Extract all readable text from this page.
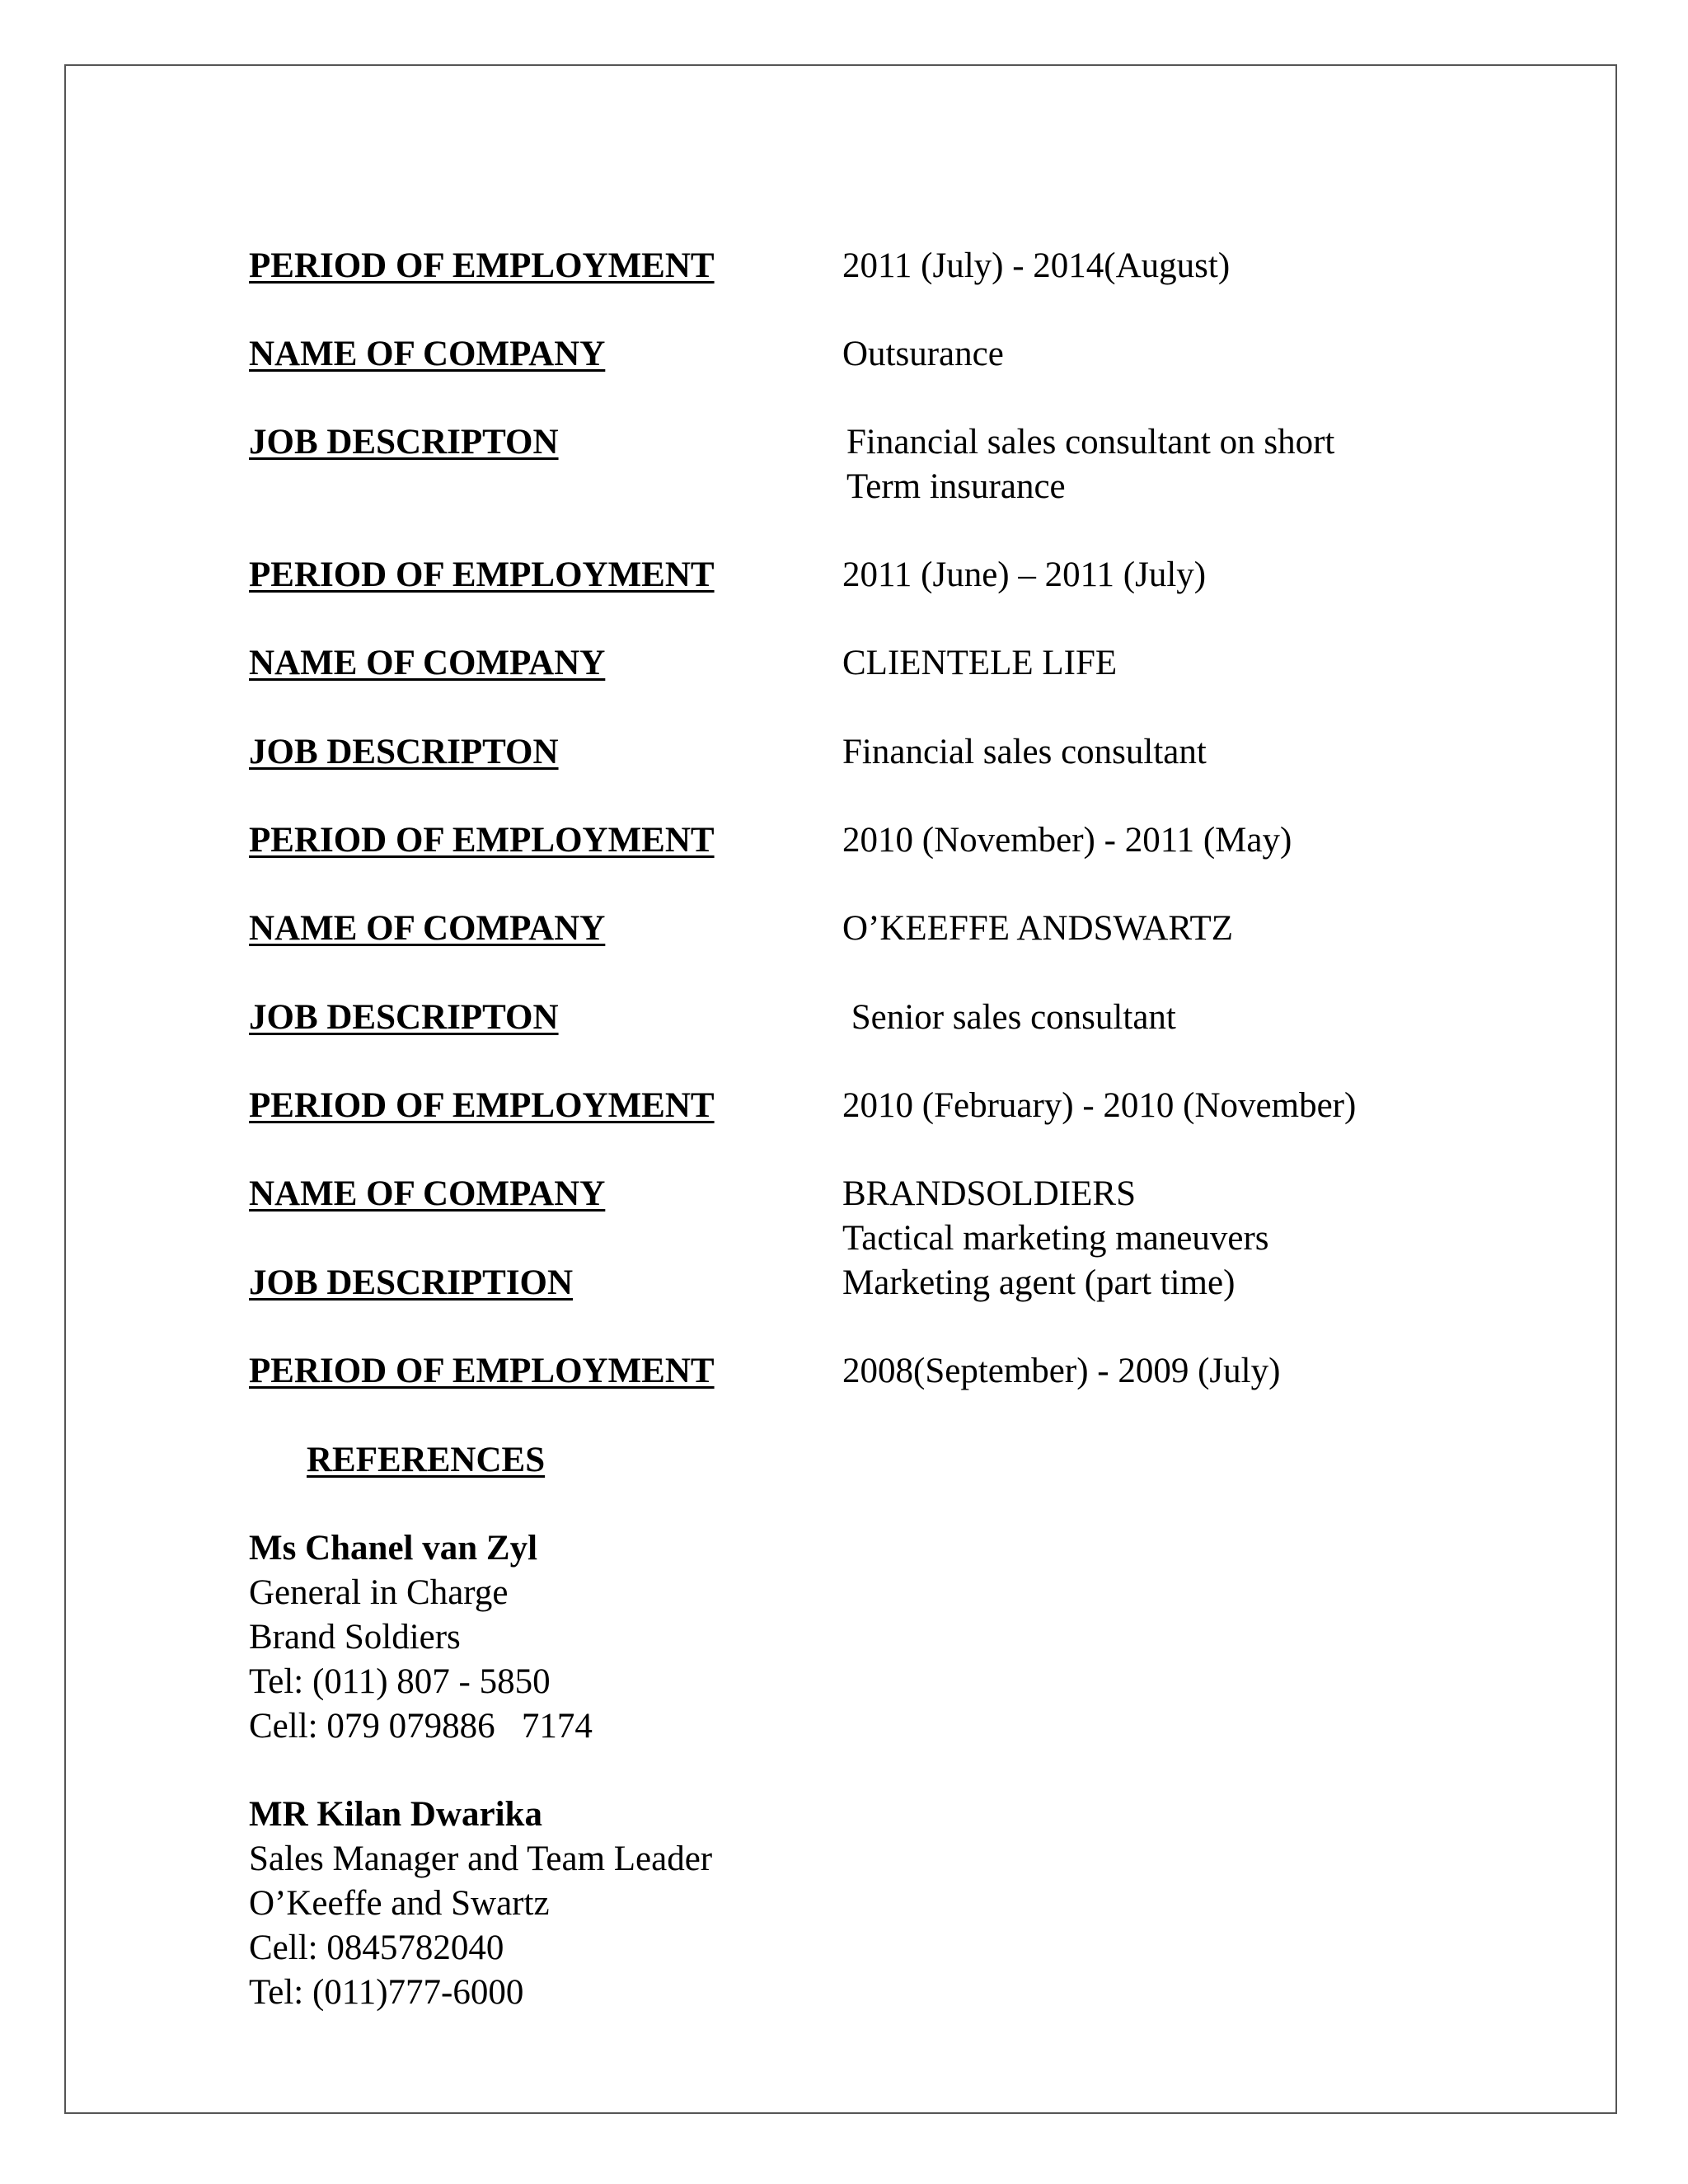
PERIOD OF EMPLOYMENT	2011 (July) - 2014(August)
NAME OF COMPANY	Outsurance
JOB DESCRIPTON	Financial sales consultant on short
Term insurance
PERIOD OF EMPLOYMENT	2011 (June) – 2011 (July)
NAME OF COMPANY	CLIENTELE LIFE
JOB DESCRIPTON	Financial sales consultant
PERIOD OF EMPLOYMENT	2010 (November) - 2011 (May)
NAME OF COMPANY	O’KEEFFE ANDSWARTZ
JOB DESCRIPTON	Senior sales consultant
PERIOD OF EMPLOYMENT	2010 (February) - 2010 (November)
NAME OF COMPANY	BRANDSOLDIERS
Tactical marketing maneuvers
JOB DESCRIPTION	Marketing agent (part time)
PERIOD OF EMPLOYMENT	2008(September) - 2009 (July)
REFERENCES
Ms Chanel van Zyl
General in Charge
Brand Soldiers
Tel: (011) 807 - 5850
Cell: 079 079886   7174
MR Kilan Dwarika
Sales Manager and Team Leader
O’Keeffe and Swartz
Cell: 0845782040
Tel: (011)777-6000
